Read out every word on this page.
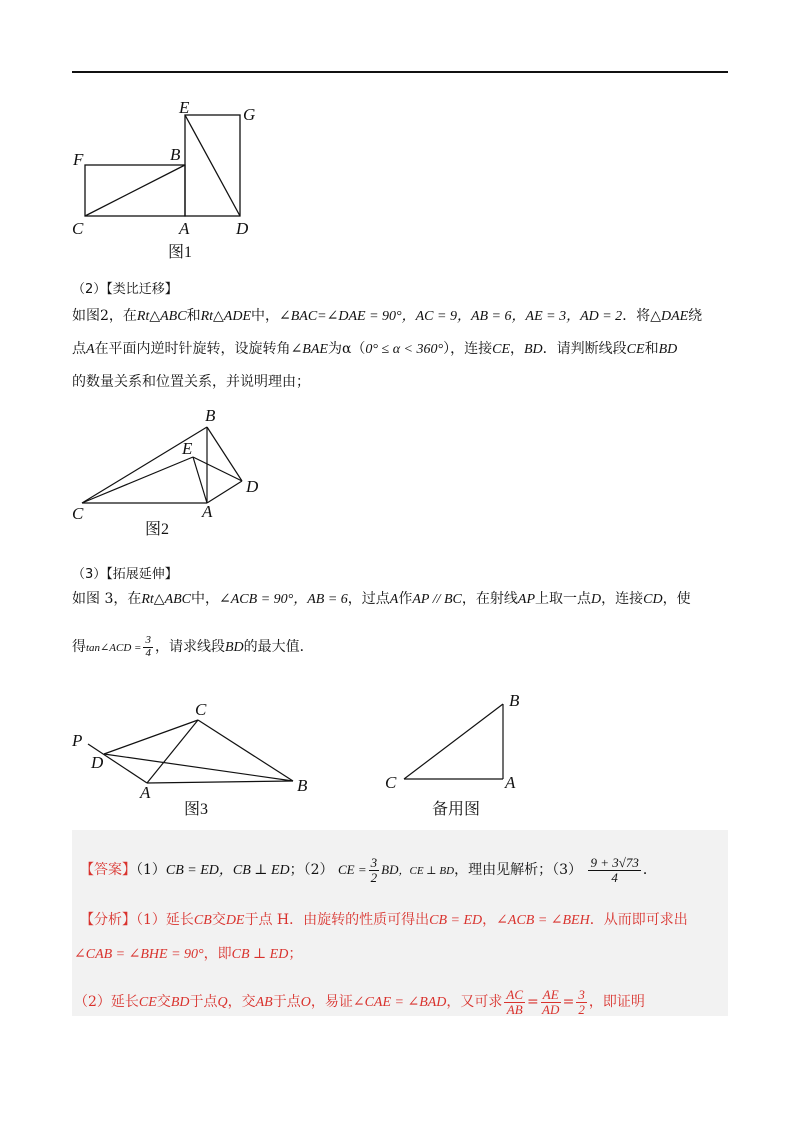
E	G
F	B
C	A	D
图1
（2）【类比迁移】
如图2，在Rt△ABC和Rt△ADE中，∠BAC=∠DAE = 90°，AC = 9，AB = 6，AE = 3，AD = 2．将△DAE绕
点A在平面内逆时针旋转，设旋转角∠BAE为α（0° ≤ α < 360°），连接CE，BD．请判断线段CE和BD
的数量关系和位置关系，并说明理由；
B
E
D
C	A
图2
（3）【拓展延伸】
如图 3，在Rt△ABC中，∠ACB = 90°，AB = 6，过点A作AP // BC，在射线AP上取一点D，连接CD，使
得tan∠ACD = $\frac{3}{4}$ ，请求线段BD的最大值．
C
P
D
A	B
图3
B
C	A
备用图
【答案】（1）CB = ED，CB ⊥ ED；（2） CE = $\frac{3}{2}$ BD，CE ⊥ BD，理由见解析；$(3) \frac{9 + 3√73}{4}$ ．
【分析】（1）延长CB交DE于点 H．由旋转的性质可得出CB = ED，∠ACB = ∠BEH．从而即可求出
∠CAB = ∠BHE = 90°，即CB ⊥ ED；
（2）延长CE交BD于点Q，交AB于点O，易证∠CAE = ∠BAD，又可求 $\frac{AC}{AB} = \frac{AE}{AD} = \frac{3}{2}$ ，即证明
